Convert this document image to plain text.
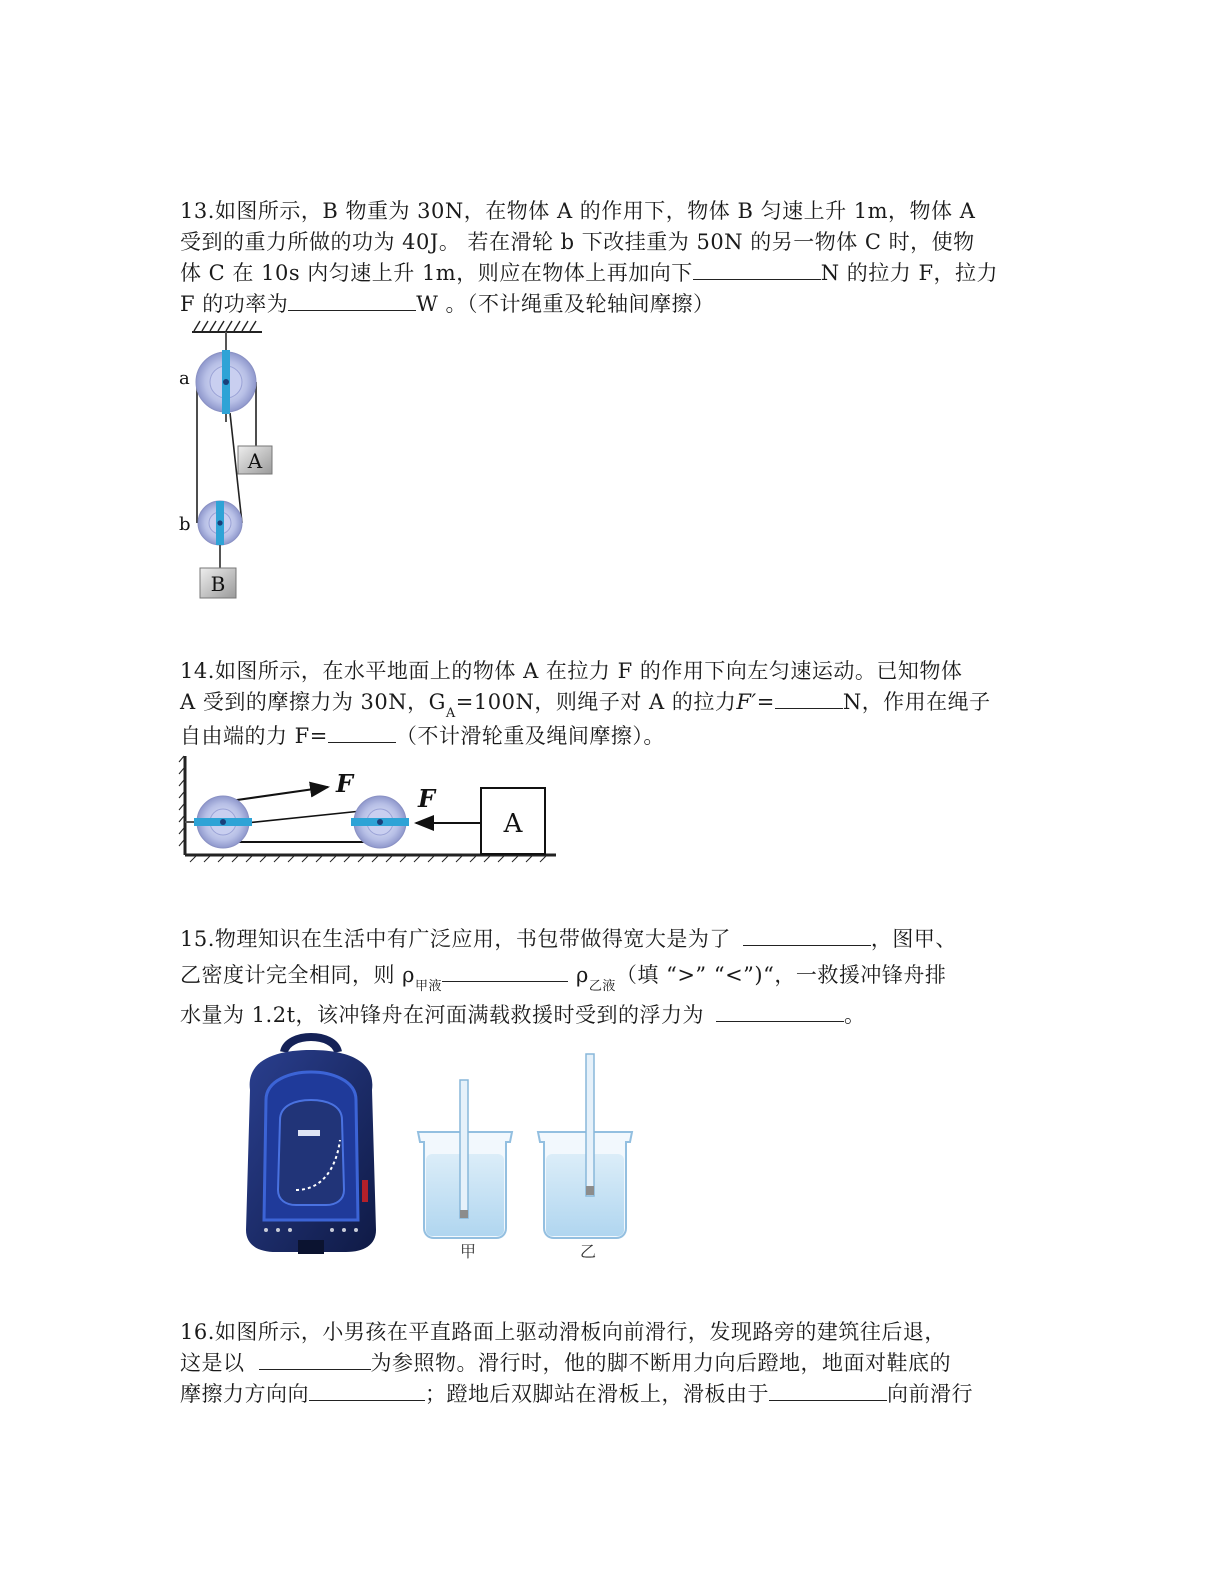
13.如图所示，B 物重为 30N，在物体 A 的作用下，物体 B 匀速上升 1m，物体 A

受到的重力所做的功为 40J。 若在滑轮 b 下改挂重为 50N 的另一物体 C 时，使物

体 C 在 10s 内匀速上升 1m，则应在物体上再加向下	N 的拉力 F，拉力

F 的功率为	W 。（不计绳重及轮轴间摩擦）

A
B
a
b

14.如图所示，在水平地面上的物体 A 在拉力 F 的作用下向左匀速运动。已知物体

A 受到的摩擦力为 30N，$G_A=100N$，则绳子对 A 的拉力F′=	N，作用在绳子

自由端的力 F=	（不计滑轮重及绳间摩擦）。

A
F
F

15.物理知识在生活中有广泛应用，书包带做得宽大是为了	，图甲、

乙密度计完全相同，则 $\rho_{甲液}$	$\rho_{乙液}$（填 “>” “<”)“，一救援冲锋舟排

水量为 1.2t，该冲锋舟在河面满载救援时受到的浮力为	。

甲	乙

16.如图所示，小男孩在平直路面上驱动滑板向前滑行，发现路旁的建筑往后退，

这是以	为参照物。滑行时，他的脚不断用力向后蹬地，地面对鞋底的

摩擦力方向向	；蹬地后双脚站在滑板上，滑板由于	向前滑行
